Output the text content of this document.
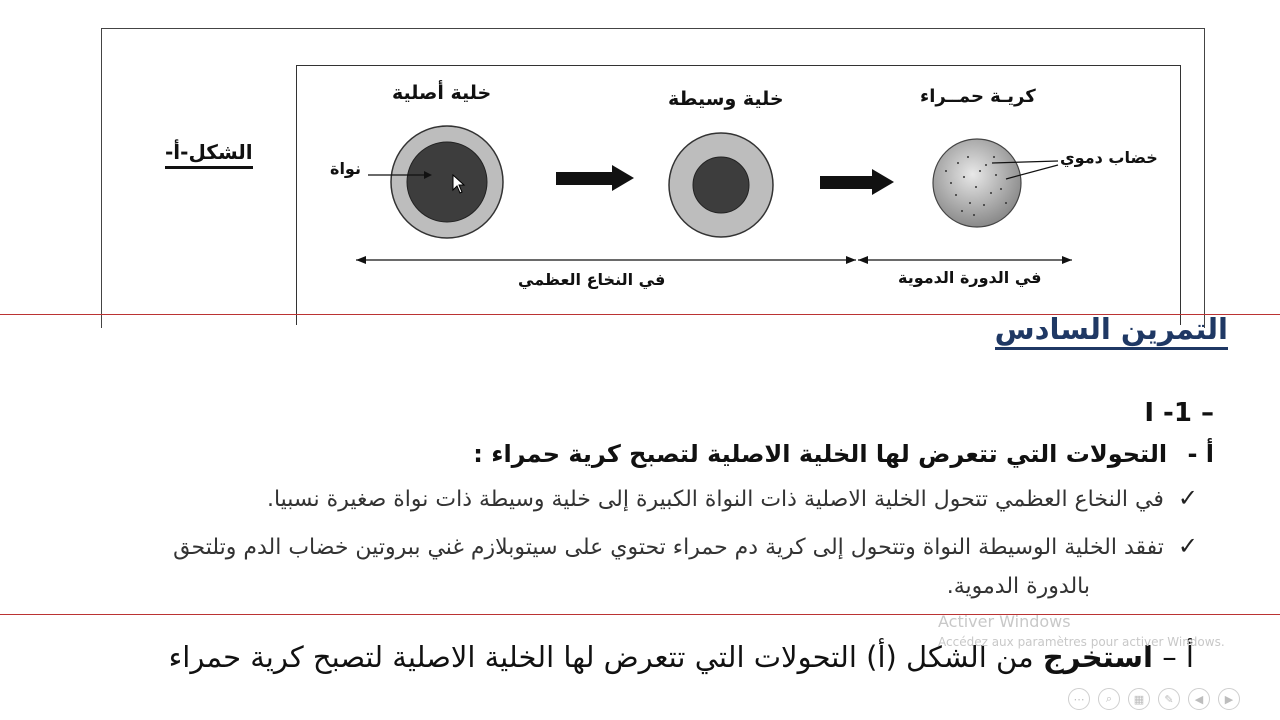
الشكل-أ-
خلية أصلية	خلية وسيطة	كريـة حمــراء
نواة
خضاب دموي
في النخاع العظمي	في الدورة الدموية
التمرين السادس
I -1 –
أ - التحولات التي تتعرض لها الخلية الاصلية لتصبح كرية حمراء :
✓في النخاع العظمي تتحول الخلية الاصلية ذات النواة الكبيرة إلى خلية وسيطة ذات نواة صغيرة نسبيا.
✓تفقد الخلية الوسيطة النواة وتتحول إلى كرية دم حمراء تحتوي على سيتوبلازم غني ببروتين خضاب الدم وتلتحق
بالدورة الدموية.
أ – استخرج من الشكل (أ) التحولات التي تتعرض لها الخلية الاصلية لتصبح كرية حمراء
Activer Windows
Accédez aux paramètres pour activer Windows.
⋯	⌕	▦	✎	◀	▶
